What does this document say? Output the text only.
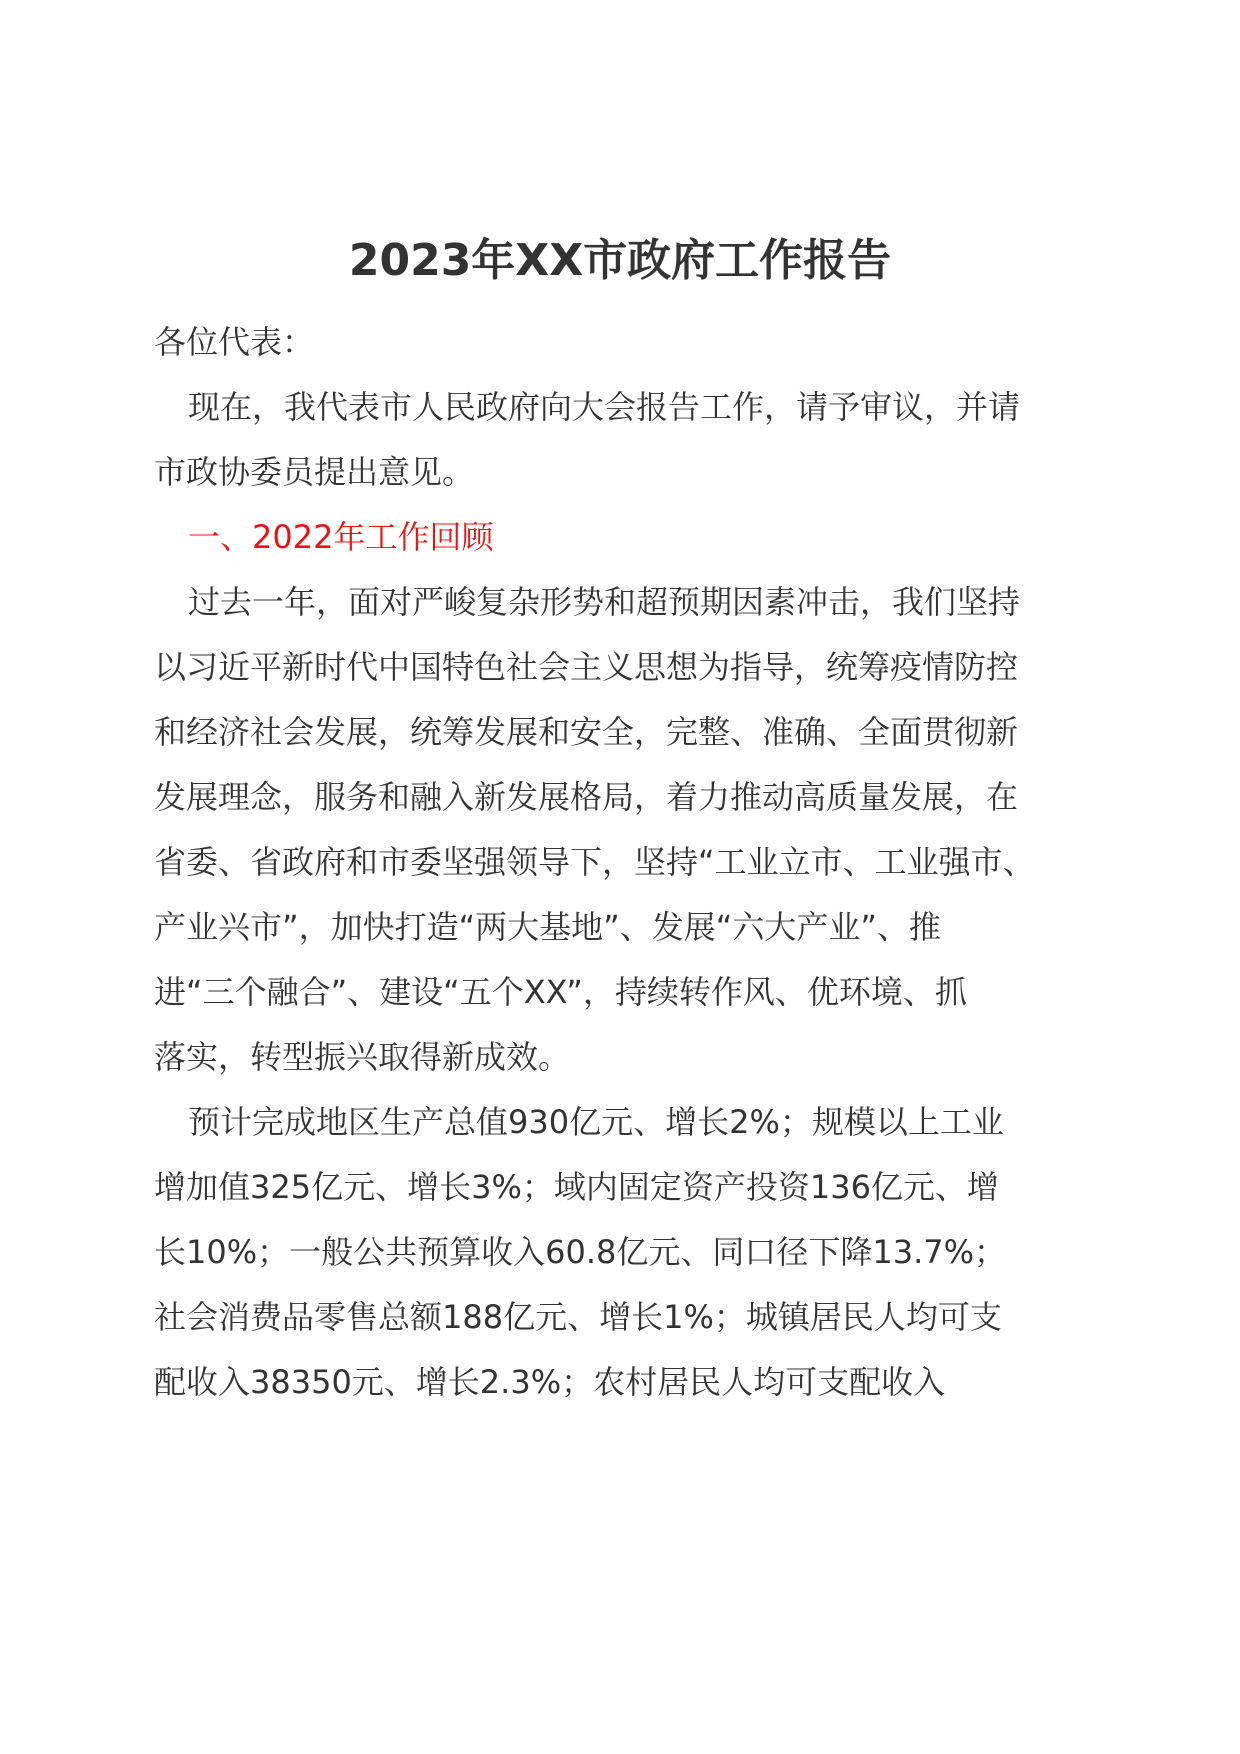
2023年XX市政府工作报告

各位代表：

现在，我代表市人民政府向大会报告工作，请予审议，并请
市政协委员提出意见。
一、2022年工作回顾
过去一年，面对严峻复杂形势和超预期因素冲击，我们坚持
以习近平新时代中国特色社会主义思想为指导，统筹疫情防控
和经济社会发展，统筹发展和安全，完整、准确、全面贯彻新
发展理念，服务和融入新发展格局，着力推动高质量发展，在
省委、省政府和市委坚强领导下，坚持“工业立市、工业强市、
产业兴市”，加快打造“两大基地”、发展“六大产业”、推
进“三个融合”、建设“五个XX”，持续转作风、优环境、抓
落实，转型振兴取得新成效。
预计完成地区生产总值930亿元、增长2%；规模以上工业
增加值325亿元、增长3%；域内固定资产投资136亿元、增
长10%；一般公共预算收入60.8亿元、同口径下降13.7%；
社会消费品零售总额188亿元、增长1%；城镇居民人均可支
配收入38350元、增长2.3%；农村居民人均可支配收入
